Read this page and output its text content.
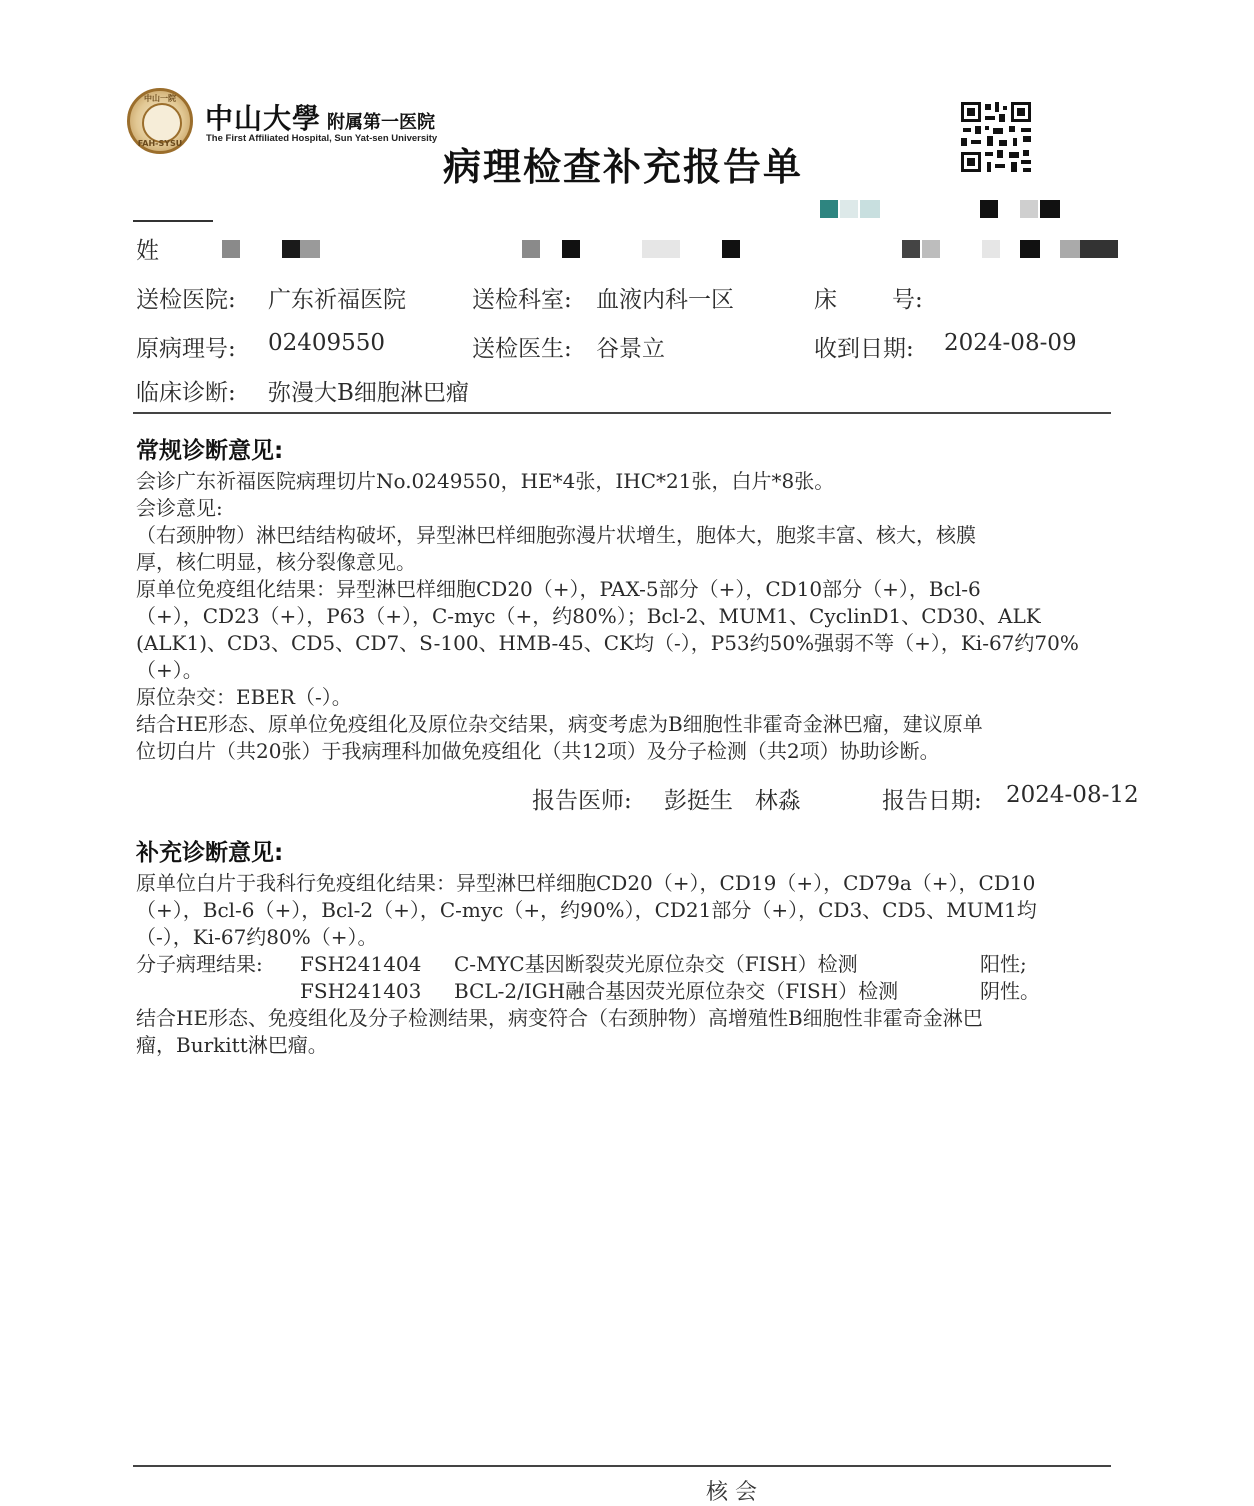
中山一院
FAH-SYSU
中山大學 附属第一医院
The First Affiliated Hospital, Sun Yat-sen University
病理检查补充报告单
姓
送检医院: 广东祈福医院	送检科室: 血液内科一区	床 号:
原病理号: 02409550	送检医生: 谷景立	收到日期: 2024-08-09
临床诊断: 弥漫大B细胞淋巴瘤
常规诊断意见:

会诊广东祈福医院病理切片No.0249550，HE*4张，IHC*21张，白片*8张。

会诊意见:

（右颈肿物）淋巴结结构破坏，异型淋巴样细胞弥漫片状增生，胞体大，胞浆丰富、核大，核膜

厚，核仁明显，核分裂像意见。

原单位免疫组化结果：异型淋巴样细胞CD20（+），PAX-5部分（+），CD10部分（+），Bcl-6

（+），CD23（+），P63（+），C-myc（+，约80%）；Bcl-2、MUM1、CyclinD1、CD30、ALK

(ALK1)、CD3、CD5、CD7、S-100、HMB-45、CK均（-），P53约50%强弱不等（+），Ki-67约70%

（+）。

原位杂交：EBER（-）。

结合HE形态、原单位免疫组化及原位杂交结果，病变考虑为B细胞性非霍奇金淋巴瘤，建议原单

位切白片（共20张）于我病理科加做免疫组化（共12项）及分子检测（共2项）协助诊断。

报告医师: 彭挺生   林淼	报告日期: 2024-08-12
补充诊断意见:

原单位白片于我科行免疫组化结果：异型淋巴样细胞CD20（+），CD19（+），CD79a（+），CD10

（+），Bcl-6（+），Bcl-2（+），C-myc（+，约90%），CD21部分（+），CD3、CD5、MUM1均

（-），Ki-67约80%（+）。

分子病理结果: FSH241404 C-MYC基因断裂荧光原位杂交（FISH）检测	阳性;
FSH241403 BCL-2/IGH融合基因荧光原位杂交（FISH）检测	阴性。

结合HE形态、免疫组化及分子检测结果，病变符合（右颈肿物）高增殖性B细胞性非霍奇金淋巴

瘤，Burkitt淋巴瘤。

核 会
